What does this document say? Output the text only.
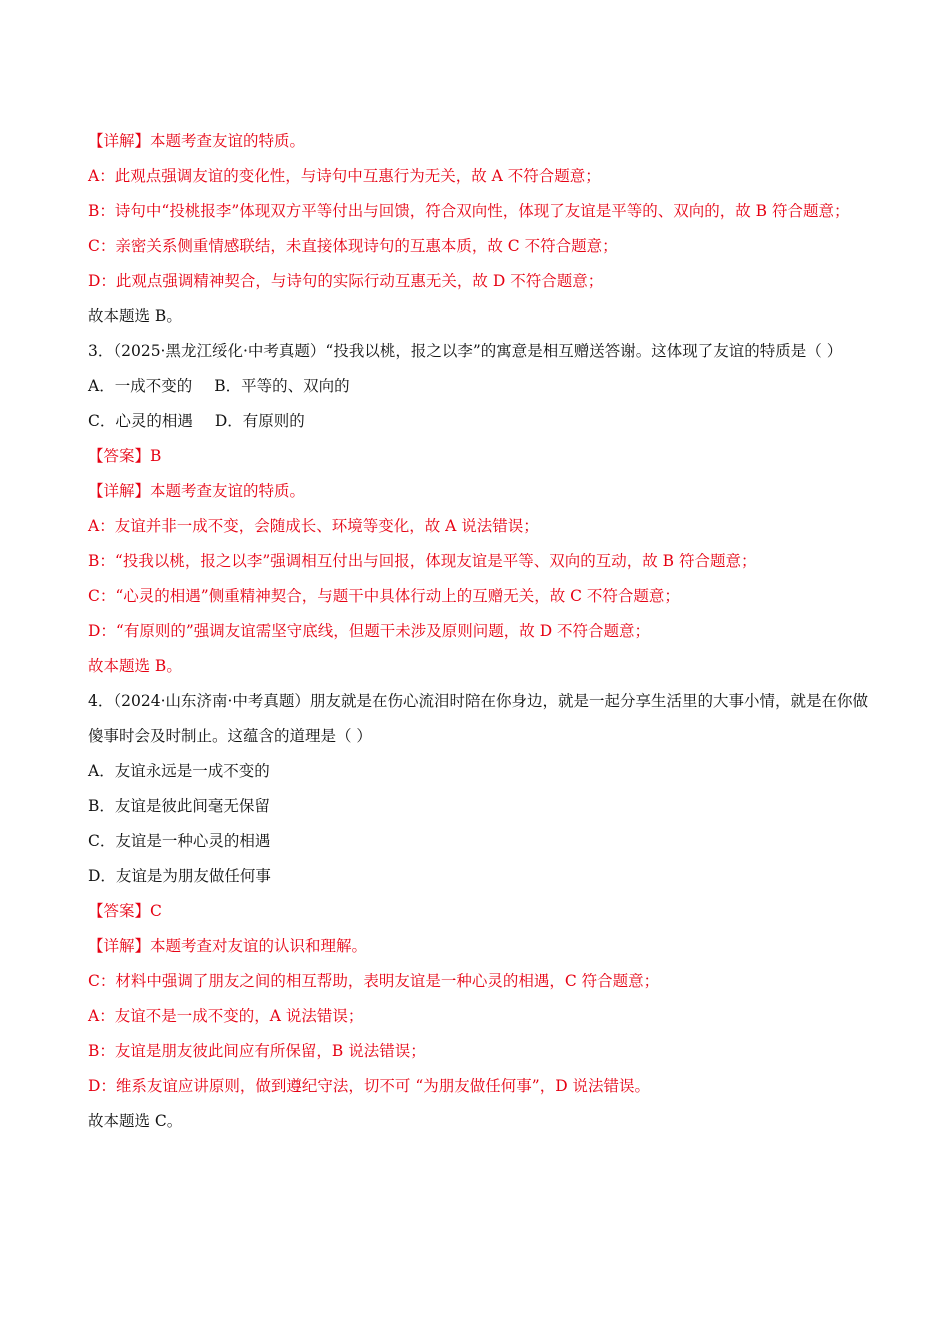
【详解】本题考查友谊的特质。
A：此观点强调友谊的变化性，与诗句中互惠行为无关，故 A 不符合题意；
B：诗句中“投桃报李”体现双方平等付出与回馈，符合双向性，体现了友谊是平等的、双向的，故 B 符合题意；
C：亲密关系侧重情感联结，未直接体现诗句的互惠本质，故 C 不符合题意；
D：此观点强调精神契合，与诗句的实际行动互惠无关，故 D 不符合题意；
故本题选 B。
3．（2025·黑龙江绥化·中考真题）“投我以桃，报之以李”的寓意是相互赠送答谢。这体现了友谊的特质是（ ）
A．一成不变的 B．平等的、双向的
C．心灵的相遇 D．有原则的
【答案】B
【详解】本题考查友谊的特质。
A：友谊并非一成不变，会随成长、环境等变化，故 A 说法错误；
B：“投我以桃，报之以李”强调相互付出与回报，体现友谊是平等、双向的互动，故 B 符合题意；
C：“心灵的相遇”侧重精神契合，与题干中具体行动上的互赠无关，故 C 不符合题意；
D：“有原则的”强调友谊需坚守底线，但题干未涉及原则问题，故 D 不符合题意；
故本题选 B。
4．（2024·山东济南·中考真题）朋友就是在伤心流泪时陪在你身边，就是一起分享生活里的大事小情，就是在你做傻事时会及时制止。这蕴含的道理是（ ）
A．友谊永远是一成不变的
B．友谊是彼此间毫无保留
C．友谊是一种心灵的相遇
D．友谊是为朋友做任何事
【答案】C
【详解】本题考查对友谊的认识和理解。
C：材料中强调了朋友之间的相互帮助，表明友谊是一种心灵的相遇，C 符合题意；
A：友谊不是一成不变的，A 说法错误；
B：友谊是朋友彼此间应有所保留，B 说法错误；
D：维系友谊应讲原则，做到遵纪守法，切不可 “为朋友做任何事”，D 说法错误。
故本题选 C。
